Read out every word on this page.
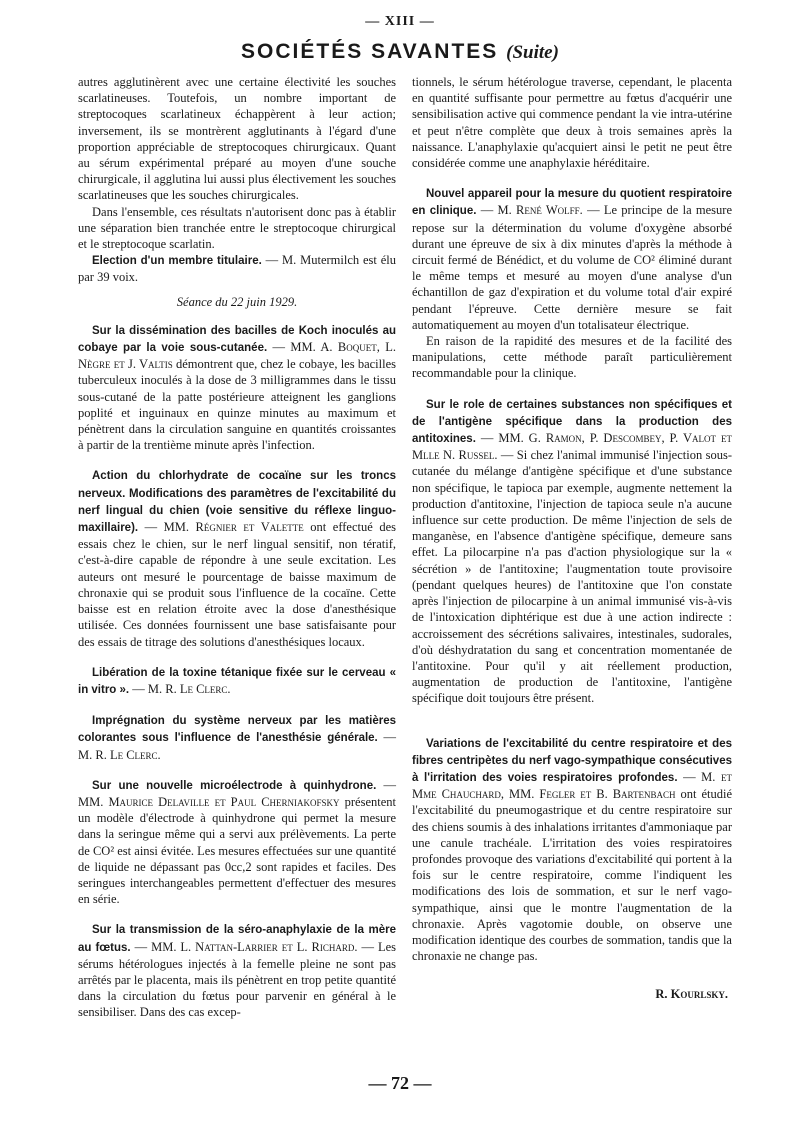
— XIII —
SOCIÉTÉS SAVANTES (Suite)

autres agglutinèrent avec une certaine électivité les souches scarlatineuses. Toutefois, un nombre important de streptocoques scarlatineux échappèrent à leur action; inversement, ils se montrèrent agglutinants à l'égard d'une proportion appréciable de streptocoques chirurgicaux. Quant au sérum expérimental préparé au moyen d'une souche chirurgicale, il agglutina lui aussi plus électivement les souches scarlatineuses que les souches chirurgicales.

Dans l'ensemble, ces résultats n'autorisent donc pas à établir une séparation bien tranchée entre le streptocoque chirurgical et le streptocoque scarlatin.

Election d'un membre titulaire. — M. Mutermilch est élu par 39 voix.

Séance du 22 juin 1929.

Sur la dissémination des bacilles de Koch inoculés au cobaye par la voie sous-cutanée. — MM. A. Boquet, L. Nègre et J. Valtis démontrent que, chez le cobaye, les bacilles tuberculeux inoculés à la dose de 3 milligrammes dans le tissu sous-cutané de la patte postérieure atteignent les ganglions poplité et inguinaux en quinze minutes au maximum et pénètrent dans la circulation sanguine en quantités croissantes à partir de la trentième minute après l'infection.

Action du chlorhydrate de cocaïne sur les troncs nerveux. Modifications des paramètres de l'excitabilité du nerf lingual du chien (voie sensitive du réflexe linguo-maxillaire). — MM. Régnier et Valette ont effectué des essais chez le chien, sur le nerf lingual sensitif, non tératif, c'est-à-dire capable de répondre à une seule excitation. Les auteurs ont mesuré le pourcentage de baisse maximum de chronaxie qui se produit sous l'influence de la cocaïne. Cette baisse est en relation étroite avec la dose d'anesthésique utilisée. Ces données fournissent une base satisfaisante pour des essais de titrage des solutions d'anesthésiques locaux.

Libération de la toxine tétanique fixée sur le cerveau « in vitro ». — M. R. Le Clerc.

Imprégnation du système nerveux par les matières colorantes sous l'influence de l'anesthésie générale. — M. R. Le Clerc.

Sur une nouvelle microélectrode à quinhydrone. — MM. Maurice Delaville et Paul Cherniakofsky présentent un modèle d'électrode à quinhydrone qui permet la mesure dans la seringue même qui a servi aux prélèvements. La perte de CO² est ainsi évitée. Les mesures effectuées sur une quantité de liquide ne dépassant pas 0cc,2 sont rapides et faciles. Des seringues interchangeables permettent d'effectuer des mesures en série.

Sur la transmission de la séro-anaphylaxie de la mère au fœtus. — MM. L. Nattan-Larrier et L. Richard. — Les sérums hétérologues injectés à la femelle pleine ne sont pas arrêtés par le placenta, mais ils pénètrent en trop petite quantité dans la circulation du fœtus pour parvenir en général à le sensibiliser. Dans des cas excep-

tionnels, le sérum hétérologue traverse, cependant, le placenta en quantité suffisante pour permettre au fœtus d'acquérir une sensibilisation active qui commence pendant la vie intra-utérine et peut n'être complète que deux à trois semaines après la naissance. L'anaphylaxie qu'acquiert ainsi le petit ne peut être considérée comme une anaphylaxie héréditaire.

Nouvel appareil pour la mesure du quotient respiratoire en clinique. — M. René Wolff. — Le principe de la mesure repose sur la détermination du volume d'oxygène absorbé durant une épreuve de six à dix minutes d'après la méthode à circuit fermé de Bénédict, et du volume de CO² éliminé durant le même temps et mesuré au moyen d'une analyse d'un échantillon de gaz d'expiration et du volume total d'air expiré pendant l'épreuve. Cette dernière mesure se fait automatiquement au moyen d'un totalisateur électrique.

En raison de la rapidité des mesures et de la facilité des manipulations, cette méthode paraît particulièrement recommandable pour la clinique.

Sur le role de certaines substances non spécifiques et de l'antigène spécifique dans la production des antitoxines. — MM. G. Ramon, P. Descombey, P. Valot et Mlle N. Russel. — Si chez l'animal immunisé l'injection sous-cutanée du mélange d'antigène spécifique et d'une substance non spécifique, le tapioca par exemple, augmente nettement la production d'antitoxine, l'injection de tapioca seule n'a aucune influence sur cette production. De même l'injection de sels de manganèse, en l'absence d'antigène spécifique, demeure sans effet. La pilocarpine n'a pas d'action physiologique sur la « sécrétion » de l'antitoxine; l'augmentation toute provisoire (pendant quelques heures) de l'antitoxine que l'on constate après l'injection de pilocarpine à un animal immunisé vis-à-vis de l'intoxication diphtérique est due à une action indirecte : accroissement des sécrétions salivaires, intestinales, sudorales, d'où déshydratation du sang et concentration momentanée de l'antitoxine. Pour qu'il y ait réellement production, augmentation de production de l'antitoxine, l'antigène spécifique doit toujours être présent.

Variations de l'excitabilité du centre respiratoire et des fibres centripètes du nerf vago-sympathique consécutives à l'irritation des voies respiratoires profondes. — M. et Mme Chauchard, MM. Fegler et B. Bartenbach ont étudié l'excitabilité du pneumogastrique et du centre respiratoire sur des chiens soumis à des inhalations irritantes d'ammoniaque par une canule trachéale. L'irritation des voies respiratoires profondes provoque des variations d'excitabilité qui portent à la fois sur le centre respiratoire, comme l'indiquent les modifications des lois de sommation, et sur le nerf vago-sympathique, ainsi que le montre l'augmentation de la chronaxie. Après vagotomie double, on observe une modification identique des courbes de sommation, tandis que la chronaxie ne change pas.

R. Kourlsky.
— 72 —
